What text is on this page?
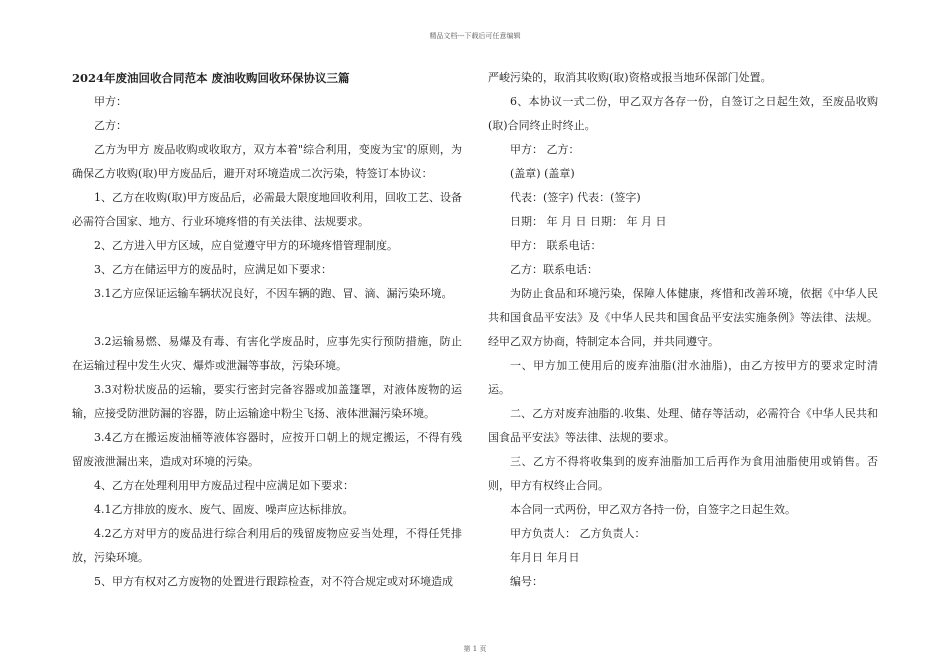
精品文档---下载后可任意编辑

2024年废油回收合同范本 废油收购回收环保协议三篇

甲方：

乙方：

乙方为甲方 废品收购或收取方，双方本着"综合利用，变废为宝'的原则，为确保乙方收购(取)甲方废品后，避开对环境造成二次污染，特签订本协议：

1、乙方在收购(取)甲方废品后，必需最大限度地回收利用，回收工艺、设备必需符合国家、地方、行业环境疼惜的有关法律、法规要求。

2、乙方进入甲方区域，应自觉遵守甲方的环境疼惜管理制度。

3、乙方在储运甲方的废品时，应满足如下要求：

3.1乙方应保证运输车辆状况良好，不因车辆的跑、冒、滴、漏污染环境。

3.2运输易燃、易爆及有毒、有害化学废品时，应事先实行预防措施，防止在运输过程中发生火灾、爆炸或泄漏等事故，污染环境。

3.3对粉状废品的运输，要实行密封完备容器或加盖篷罩，对液体废物的运输，应接受防泄防漏的容器，防止运输途中粉尘飞扬、液体泄漏污染环境。

3.4乙方在搬运废油桶等液体容器时，应按开口朝上的规定搬运，不得有残留废液泄漏出来，造成对环境的污染。

4、乙方在处理利用甲方废品过程中应满足如下要求：

4.1乙方排放的废水、废气、固废、噪声应达标排放。

4.2乙方对甲方的废品进行综合利用后的残留废物应妥当处理，不得任凭排放，污染环境。

5、甲方有权对乙方废物的处置进行跟踪检查，对不符合规定或对环境造成

严峻污染的，取消其收购(取)资格或报当地环保部门处置。

6、本协议一式二份，甲乙双方各存一份，自签订之日起生效，至废品收购(取)合同终止时终止。

甲方： 乙方：

(盖章) (盖章)

代表：(签字) 代表：(签字)

日期： 年 月 日 日期： 年 月 日

甲方： 联系电话：

乙方：联系电话：

为防止食品和环境污染，保障人体健康，疼惜和改善环境，依据《中华人民共和国食品平安法》及《中华人民共和国食品平安法实施条例》等法律、法规。经甲乙双方协商，特制定本合同，并共同遵守。

一、甲方加工使用后的废弃油脂(泔水油脂)，由乙方按甲方的要求定时清运。

二、乙方对废弃油脂的.收集、处理、储存等活动，必需符合《中华人民共和国食品平安法》等法律、法规的要求。

三、乙方不得将收集到的废弃油脂加工后再作为食用油脂使用或销售。否则，甲方有权终止合同。

本合同一式两份，甲乙双方各持一份，自签字之日起生效。

甲方负责人： 乙方负责人：

年月日 年月日

编号：

第 1 页
